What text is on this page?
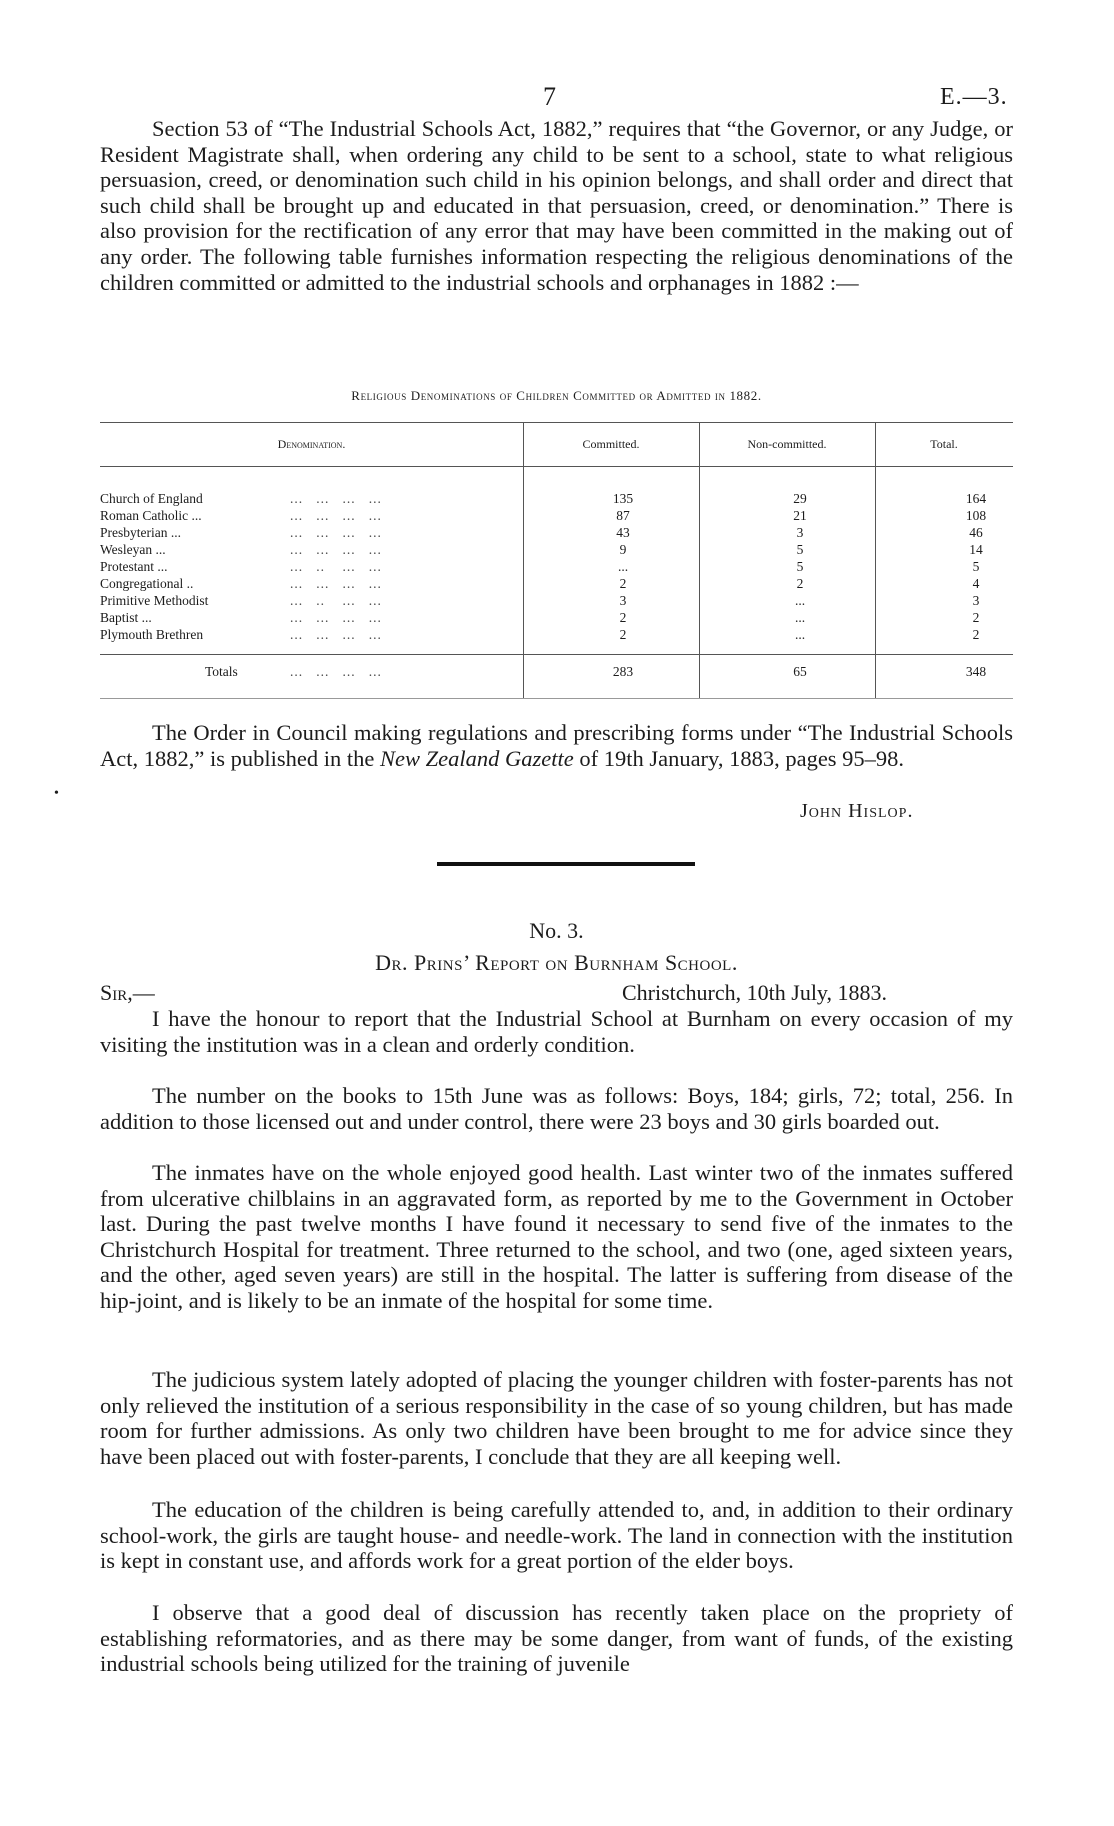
7	E.—3.

Section 53 of “The Industrial Schools Act, 1882,” requires that “the Governor, or any Judge, or Resident Magistrate shall, when ordering any child to be sent to a school, state to what religious persuasion, creed, or denomination such child in his opinion belongs, and shall order and direct that such child shall be brought up and educated in that persuasion, creed, or denomination.” There is also provision for the rectification of any error that may have been committed in the making out of any order. The following table furnishes information respecting the religious denominations of the children committed or admitted to the industrial schools and orphanages in 1882 :—

Religious Denominations of Children Committed or Admitted in 1882.
Denomination.	Committed.	Non-committed.	Total.
Church of England	...   ...   ...   ...	135	29	164
Roman Catholic ...	...   ...   ...   ...	87	21	108
Presbyterian ...	...   ...   ...   ...	43	3	46
Wesleyan ...	...   ...   ...   ...	9	5	14
Protestant ...	...   ..    ...   ...	...	5	5
Congregational ..	...   ...   ...   ...	2	2	4
Primitive Methodist	...   ..    ...   ...	3	...	3
Baptist ...	...   ...   ...   ...	2	...	2
Plymouth Brethren	...   ...   ...   ...	2	...	2
Totals	...   ...   ...   ...	283	65	348

The Order in Council making regulations and prescribing forms under “The Industrial Schools Act, 1882,” is published in the New Zealand Gazette of 19th January, 1883, pages 95–98.

•
John Hislop.
No. 3.
Dr. Prins’ Report on Burnham School.
Sir,—	Christchurch, 10th July, 1883.

I have the honour to report that the Industrial School at Burnham on every occasion of my visiting the institution was in a clean and orderly condition.

The number on the books to 15th June was as follows: Boys, 184; girls, 72; total, 256. In addition to those licensed out and under control, there were 23 boys and 30 girls boarded out.

The inmates have on the whole enjoyed good health. Last winter two of the inmates suffered from ulcerative chilblains in an aggravated form, as reported by me to the Government in October last. During the past twelve months I have found it necessary to send five of the inmates to the Christchurch Hospital for treatment. Three returned to the school, and two (one, aged sixteen years, and the other, aged seven years) are still in the hospital. The latter is suffering from disease of the hip-joint, and is likely to be an inmate of the hospital for some time.

The judicious system lately adopted of placing the younger children with foster-parents has not only relieved the institution of a serious responsibility in the case of so young children, but has made room for further admissions. As only two children have been brought to me for advice since they have been placed out with foster-parents, I conclude that they are all keeping well.

The education of the children is being carefully attended to, and, in addition to their ordinary school-work, the girls are taught house- and needle-work. The land in connection with the institution is kept in constant use, and affords work for a great portion of the elder boys.

I observe that a good deal of discussion has recently taken place on the propriety of establishing reformatories, and as there may be some danger, from want of funds, of the existing industrial schools being utilized for the training of juvenile
